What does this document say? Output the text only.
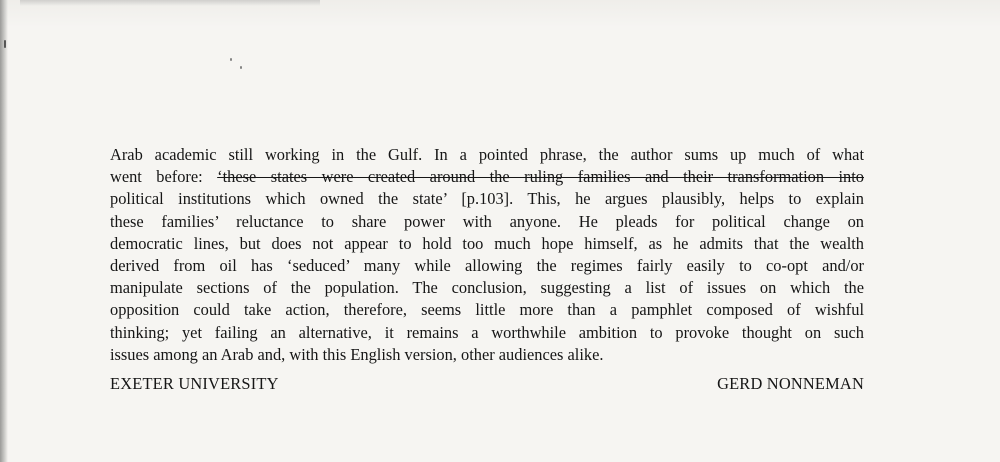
Arab academic still working in the Gulf. In a pointed phrase, the author sums up much of what
went before: ‘these states were created around the ruling families and their transformation into
political institutions which owned the state’ [p.103]. This, he argues plausibly, helps to explain
these families’ reluctance to share power with anyone. He pleads for political change on
democratic lines, but does not appear to hold too much hope himself, as he admits that the wealth
derived from oil has ‘seduced’ many while allowing the regimes fairly easily to co-opt and/or
manipulate sections of the population. The conclusion, suggesting a list of issues on which the
opposition could take action, therefore, seems little more than a pamphlet composed of wishful
thinking; yet failing an alternative, it remains a worthwhile ambition to provoke thought on such
issues among an Arab and, with this English version, other audiences alike.

EXETER UNIVERSITY	GERD NONNEMAN
